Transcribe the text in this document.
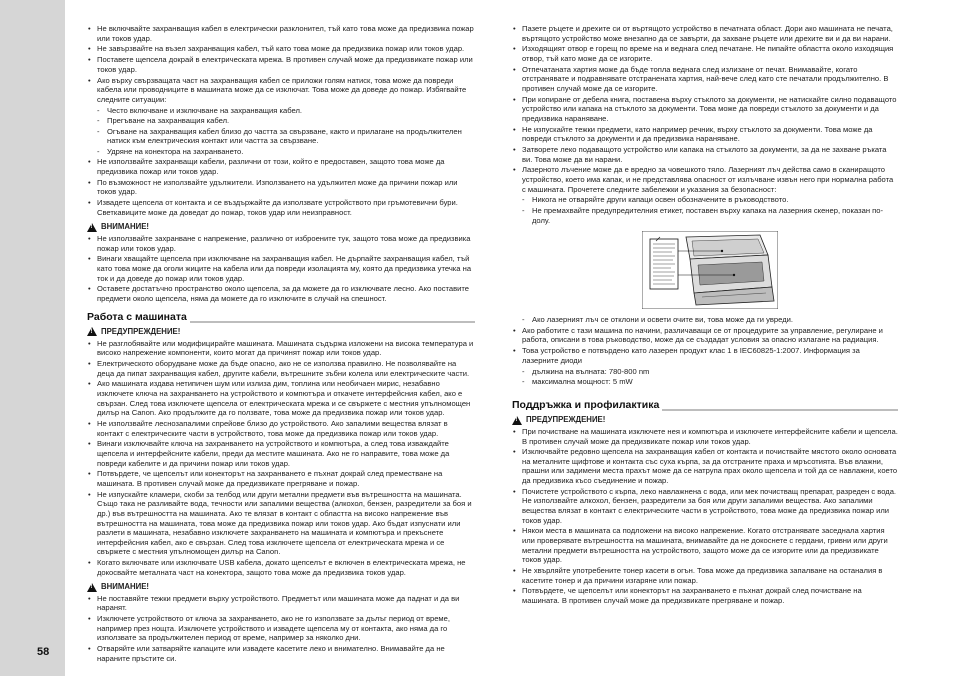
58
• Не включвайте захранващия кабел в електрически разклонител, тъй като това може да предизвика пожар или токов удар.
• Не завързвайте на възел захранващия кабел, тъй като това може да предизвика пожар или токов удар.
• Поставете щепсела докрай в електрическата мрежа. В противен случай може да предизвикате пожар или токов удар.
• Ако върху свързващата част на захранващия кабел се приложи голям натиск, това може да повреди кабела или проводниците в машината може да се изключат. Това може да доведе до пожар. Избягвайте следните ситуации:
- Често включване и изключване на захранващия кабел.
- Прегъване на захранващия кабел.
- Огъване на захранващия кабел близо до частта за свързване, както и прилагане на продължителен натиск към електрическия контакт или частта за свързване.
- Удряне на конектора на захранването.
• Не използвайте захранващи кабели, различни от този, който е предоставен, защото това може да предизвика пожар или токов удар.
• По възможност не използвайте удължители. Използването на удължител може да причини пожар или токов удар.
• Извадете щепсела от контакта и се въздържайте да използвате устройството при гръмотевични бури. Светкавиците може да доведат до пожар, токов удар или неизправност.
! ВНИМАНИЕ!
• Не използвайте захранване с напрежение, различно от изброените тук, защото това може да предизвика пожар или токов удар.
• Винаги хващайте щепсела при изключване на захранващия кабел. Не дърпайте захранващия кабел, тъй като това може да оголи жиците на кабела или да повреди изолацията му, която да предизвика утечка на ток и да доведе до пожар или токов удар.
• Оставете достатъчно пространство около щепсела, за да можете да го изключвате лесно. Ако поставите предмети около щепсела, няма да можете да го изключите в случай на спешност.
Работа с машината
! ПРЕДУПРЕЖДЕНИЕ!
• Не разглобявайте или модифицирайте машината. Машината съдържа изложени на висока температура и високо напрежение компоненти, които могат да причинят пожар или токов удар.
• Електрическото оборудване може да бъде опасно, ако не се използва правилно. Не позволявайте на деца да пипат захранващия кабел, другите кабели, вътрешните зъбни колела или електрическите части.
• Ако машината издава нетипичен шум или излиза дим, топлина или необичаен мирис, незабавно изключете ключа на захранването на устройството и компютъра и откачете интерфейсния кабел, ако е свързан. След това изключете щепсела от електрическата мрежа и се свържете с местния упълномощен дилър на Canon. Ако продължите да го ползвате, това може да предизвика пожар или токов удар.
• Не използвайте леснозапалими спрейове близо до устройството. Ако запалими вещества влязат в контакт с електрическите части в устройството, това може да предизвика пожар или токов удар.
• Винаги изключвайте ключа на захранването на устройството и компютъра, а след това изваждайте щепсела и интерфейсните кабели, преди да местите машината. Ако не го направите, това може да повреди кабелите и да причини пожар или токов удар.
• Потвърдете, че щепселът или конекторът на захранването е пъхнат докрай след преместване на машината. В противен случай може да предизвикате прегряване и пожар.
• Не изпускайте кламери, скоби за телбод или други метални предмети във вътрешността на машината. Също така не разливайте вода, течности или запалими вещества (алкохол, бензен, разредители за боя и др.) във вътрешността на машината. Ако те влязат в контакт с областта на високо напрежение във вътрешността на машината, това може да предизвика пожар или токов удар. Ако бъдат изпуснати или разлети в машината, незабавно изключете захранването на машината и компютъра и прекъснете интерфейсния кабел, ако е свързан. След това изключете щепсела от електрическата мрежа и се свържете с местния упълномощен дилър на Canon.
• Когато включвате или изключвате USB кабела, докато щепселът е включен в електрическата мрежа, не докосвайте металната част на конектора, защото това може да предизвика токов удар.
! ВНИМАНИЕ!
• Не поставяйте тежки предмети върху устройството. Предметът или машината може да паднат и да ви наранят.
• Изключете устройството от ключа за захранването, ако не го използвате за дълъг период от време, например през нощта. Изключете устройството и извадете щепсела му от контакта, ако няма да го използвате за продължителен период от време, например за няколко дни.
• Отваряйте или затваряйте капаците или извадете касетите леко и внимателно. Внимавайте да не нараните пръстите си.
• Пазете ръцете и дрехите си от въртящото устройство в печатната област. Дори ако машината не печата, въртящото устройство може внезапно да се завърти, да захване ръцете или дрехите ви и да ви нарани.
• Изходящият отвор е горещ по време на и веднага след печатане. Не пипайте областта около изходящия отвор, тъй като може да се изгорите.
• Отпечатаната хартия може да бъде топла веднага след излизане от печат. Внимавайте, когато отстранявате и подравнявате отстранената хартия, най-вече след като сте печатали продължително. В противен случай може да се изгорите.
• При копиране от дебела книга, поставена върху стъклото за документи, не натискайте силно подаващото устройство или капака на стъклото за документи. Това може да повреди стъклото за документи и да предизвика нараняване.
• Не изпускайте тежки предмети, като например речник, върху стъклото за документи. Това може да повреди стъклото за документи и да предизвика нараняване.
• Затворете леко подаващото устройство или капака на стъклото за документи, за да не захване ръката ви. Това може да ви нарани.
• Лазерното лъчение може да е вредно за човешкото тяло. Лазерният лъч действа само в сканиращото устройство, което има капак, и не представлява опасност от излъчване извън него при нормална работа с машината. Прочетете следните забележки и указания за безопасност:
- Никога не отваряйте други капаци освен обозначените в ръководството.
- Не премахвайте предупредителния етикет, поставен върху капака на лазерния скенер, показан по-долу.
- Ако лазерният лъч се отклони и освети очите ви, това може да ги увреди.
• Ако работите с тази машина по начини, различаващи се от процедурите за управление, регулиране и работа, описани в това ръководство, може да се създадат условия за опасно излагане на радиация.
• Това устройство е потвърдено като лазерен продукт клас 1 в IEC60825-1:2007. Информация за лазерните диоди
- дължина на вълната: 780-800 nm
- максимална мощност: 5 mW
Поддръжка и профилактика
! ПРЕДУПРЕЖДЕНИЕ!
• При почистване на машината изключете нея и компютъра и изключете интерфейсните кабели и щепсела. В противен случай може да предизвикате пожар или токов удар.
• Изключвайте редовно щепсела на захранващия кабел от контакта и почиствайте мястото около основата на металните щифтове и контакта със суха кърпа, за да отстраните праха и мръсотията. Във влажни, прашни или задимени места прахът може да се натрупа прах около щепсела и той да се навлажни, което да предизвика късо съединение и пожар.
• Почистете устройството с кърпа, леко навлажнена с вода, или мек почистващ препарат, разреден с вода. Не използвайте алкохол, бензен, разредители за боя или други запалими вещества. Ако запалими вещества влязат в контакт с електрическите части в устройството, това може да предизвика пожар или токов удар.
• Някои места в машината са подложени на високо напрежение. Когато отстранявате заседнала хартия или проверявате вътрешността на машината, внимавайте да не докоснете с гердани, гривни или други метални предмети вътрешността на устройството, защото може да се изгорите или да предизвикате токов удар.
• Не хвърляйте употребените тонер касети в огън. Това може да предизвика запалване на останалия в касетите тонер и да причини изгаряне или пожар.
• Потвърдете, че щепселът или конекторът на захранването е пъхнат докрай след почистване на машината. В противен случай може да предизвикате прегряване и пожар.
